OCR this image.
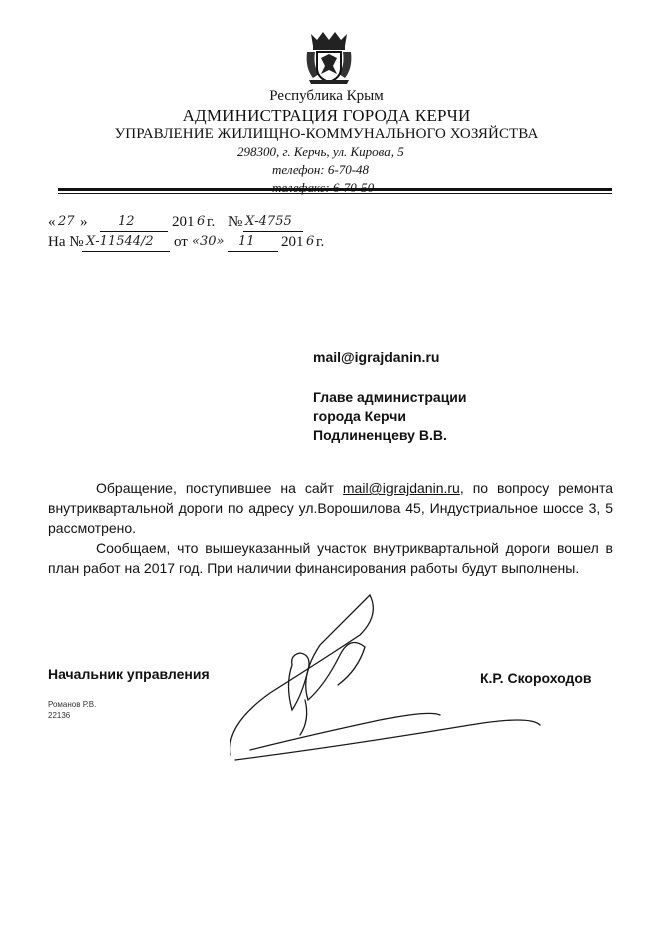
Республика Крым
АДМИНИСТРАЦИЯ ГОРОДА КЕРЧИ
УПРАВЛЕНИЕ ЖИЛИЩНО-КОММУНАЛЬНОГО ХОЗЯЙСТВА
298300, г. Керчь, ул. Кирова, 5
телефон: 6-70-48
« 27 » 12 201 6 г. № Х-4755
На № Х-11544/2 от «30» 11 201 6 г.
mail@igrajdanin.ru
Главе администрации
города Керчи
Подлиненцеву В.В.
Обращение, поступившее на сайт mail@igrajdanin.ru, по вопросу ремонта внутриквартальной дороги по адресу ул.Ворошилова 45, Индустриальное шоссе 3, 5 рассмотрено.
Сообщаем, что вышеуказанный участок внутриквартальной дороги вошел в план работ на 2017 год. При наличии финансирования работы будут выполнены.
Начальник управления	К.Р. Скороходов
Романов Р.В.
22136
